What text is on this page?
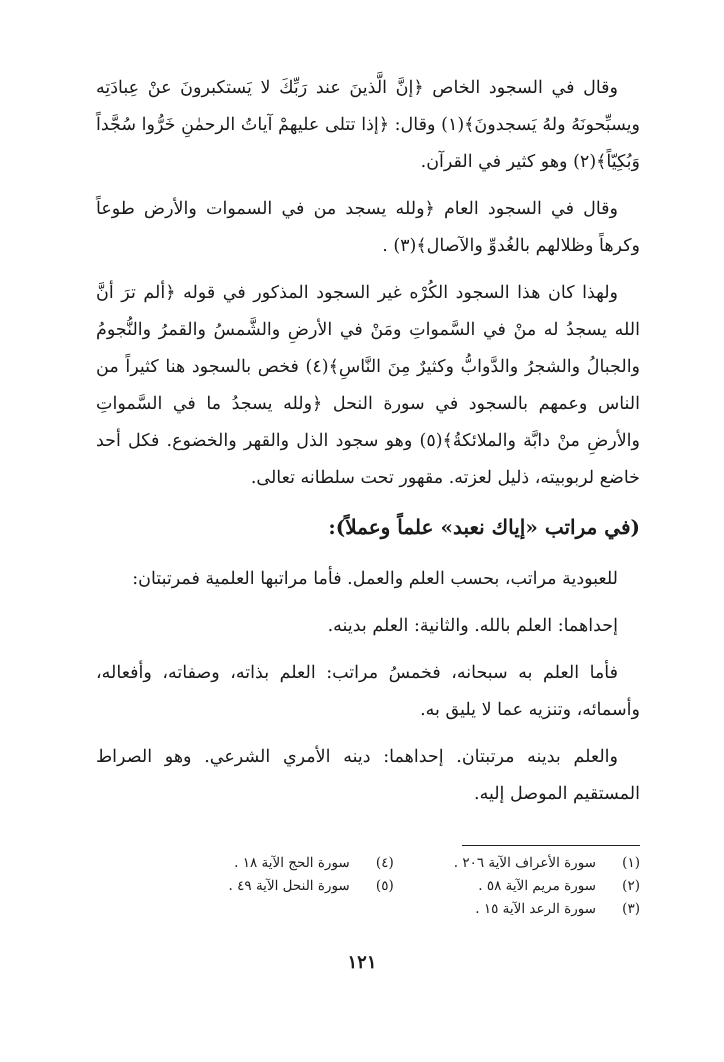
وقال في السجود الخاص ﴿إنَّ الَّذينَ عند رَبِّكَ لا يَستكبرونَ عنْ عِبادَتِه ويسبِّحونَهُ ولهُ يَسجدونَ﴾(١) وقال: ﴿إذا تتلى عليهمْ آياتُ الرحمٰنِ خَرُّوا سُجَّداً وَبُكِيّاً﴾(٢) وهو كثير في القرآن.

وقال في السجود العام ﴿ولله يسجد من في السموات والأرض طوعاً وكرهاً وظلالهم بالغُدوِّ والآصال﴾(٣) .

ولهذا كان هذا السجود الكُرْه غير السجود المذكور في قوله ﴿ألم ترَ أنَّ الله يسجدُ له منْ في السَّمواتِ ومَنْ في الأرضِ والشَّمسُ والقمرُ والنُّجومُ والجبالُ والشجرُ والدَّوابُّ وكثيرٌ مِنَ النَّاسِ﴾(٤) فخص بالسجود هنا كثيراً من الناس وعمهم بالسجود في سورة النحل ﴿ولله يسجدُ ما في السَّمواتِ والأرضِ منْ دابَّة والملائكةُ﴾(٥) وهو سجود الذل والقهر والخضوع. فكل أحد خاضع لربوبيته، ذليل لعزته. مقهور تحت سلطانه تعالى.

(في مراتب «إياك نعبد» علماً وعملاً):

للعبودية مراتب، بحسب العلم والعمل. فأما مراتبها العلمية فمرتبتان:

إحداهما: العلم بالله. والثانية: العلم بدينه.

فأما العلم به سبحانه، فخمسُ مراتب: العلم بذاته، وصفاته، وأفعاله، وأسمائه، وتنزيه عما لا يليق به.

والعلم بدينه مرتبتان. إحداهما: دينه الأمري الشرعي. وهو الصراط المستقيم الموصل إليه.

(١)
سورة الأعراف الآية ٢٠٦ .
(٢)
سورة مريم الآية ٥٨ .
(٣)
سورة الرعد الآية ١٥ .
(٤)
سورة الحج الآية ١٨ .
(٥)
سورة النحل الآية ٤٩ .
١٢١
